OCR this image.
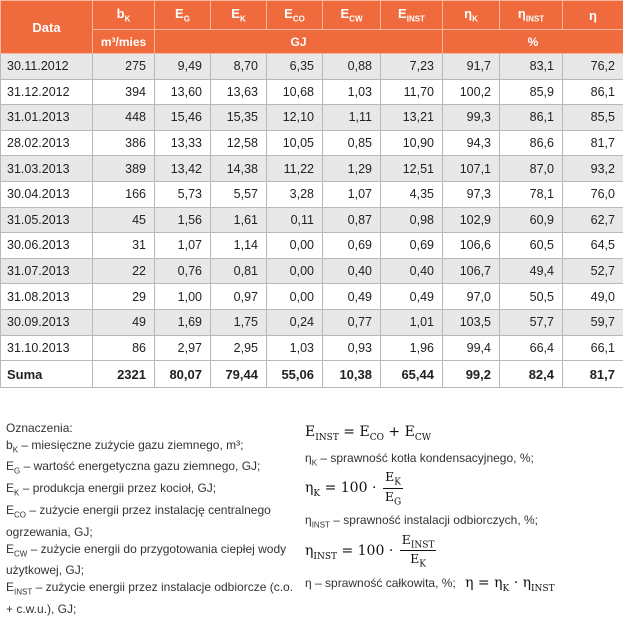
Data	$b_K$	$E_G$	$E_K$	$E_{CO}$	$E_{CW}$	$E_{INST}$	$\eta_K$	$\eta_{INST}$	η
	m³/mies	GJ					%		
30.11.2012	275	9,49	8,70	6,35	0,88	7,23	91,7	83,1	76,2
31.12.2012	394	13,60	13,63	10,68	1,03	11,70	100,2	85,9	86,1
31.01.2013	448	15,46	15,35	12,10	1,11	13,21	99,3	86,1	85,5
28.02.2013	386	13,33	12,58	10,05	0,85	10,90	94,3	86,6	81,7
31.03.2013	389	13,42	14,38	11,22	1,29	12,51	107,1	87,0	93,2
30.04.2013	166	5,73	5,57	3,28	1,07	4,35	97,3	78,1	76,0
31.05.2013	45	1,56	1,61	0,11	0,87	0,98	102,9	60,9	62,7
30.06.2013	31	1,07	1,14	0,00	0,69	0,69	106,6	60,5	64,5
31.07.2013	22	0,76	0,81	0,00	0,40	0,40	106,7	49,4	52,7
31.08.2013	29	1,00	0,97	0,00	0,49	0,49	97,0	50,5	49,0
30.09.2013	49	1,69	1,75	0,24	0,77	1,01	103,5	57,7	59,7
31.10.2013	86	2,97	2,95	1,03	0,93	1,96	99,4	66,4	66,1
Suma	2321	80,07	79,44	55,06	10,38	65,44	99,2	82,4	81,7
Oznaczenia:
$b_K$ – miesięczne zużycie gazu ziemnego, m³;
$E_G$ – wartość energetyczna gazu ziemnego, GJ;
$E_K$ – produkcja energii przez kocioł, GJ;
$E_{CO}$ – zużycie energii przez instalację centralnego ogrzewania, GJ;
$E_{CW}$ – zużycie energii do przygotowania ciepłej wody użytkowej, GJ;
$E_{INST}$ – zużycie energii przez instalacje odbiorcze (c.o. + c.w.u.), GJ;
$E_{INST} = E_{CO} + E_{CW}$
$\eta_K$ – sprawność kotła kondensacyjnego, %;
$\eta_K = 100 \cdot \frac{E_K}{E_G}$
$\eta_{INST}$ – sprawność instalacji odbiorczych, %;
$\eta_{INST} = 100 \cdot \frac{E_{INST}}{E_K}$
η – sprawność całkowita, %; $\eta = \eta_K \cdot \eta_{INST}$
